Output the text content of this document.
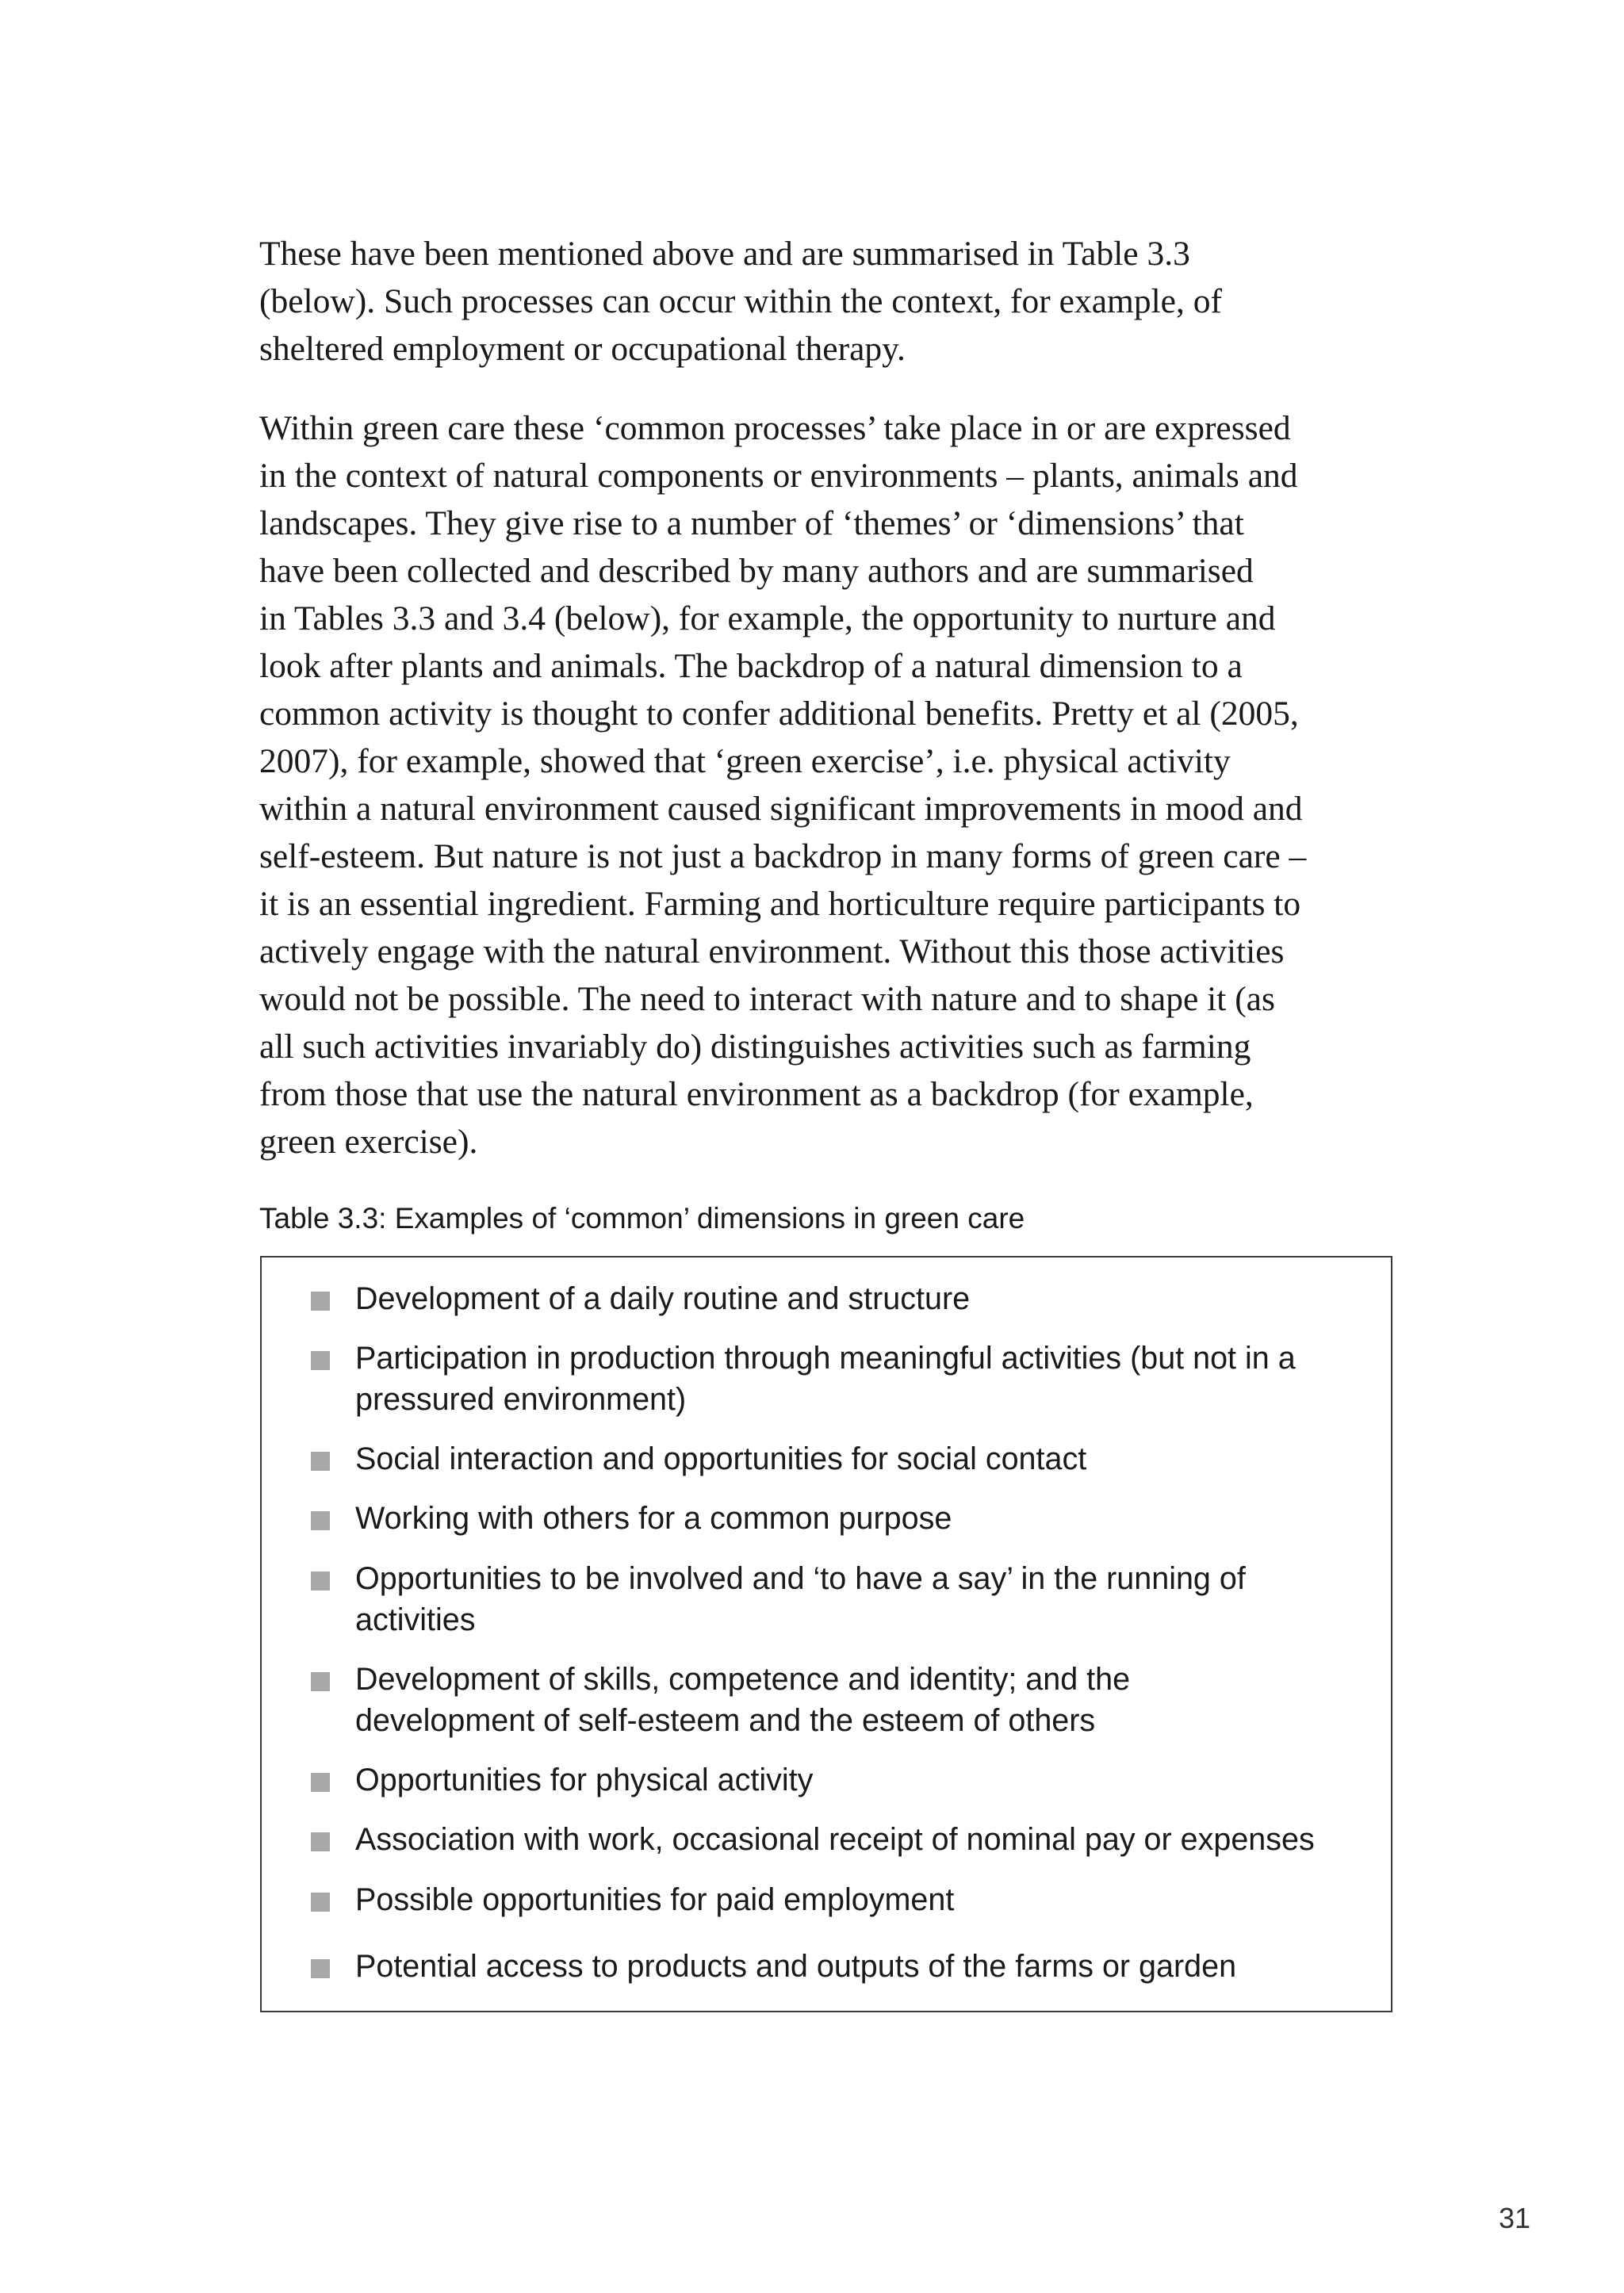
These have been mentioned above and are summarised in Table 3.3
(below). Such processes can occur within the context, for example, of
sheltered employment or occupational therapy.

Within green care these ‘common processes’ take place in or are expressed
in the context of natural components or environments – plants, animals and
landscapes. They give rise to a number of ‘themes’ or ‘dimensions’ that
have been collected and described by many authors and are summarised
in Tables 3.3 and 3.4 (below), for example, the opportunity to nurture and
look after plants and animals. The backdrop of a natural dimension to a
common activity is thought to confer additional benefits. Pretty et al (2005,
2007), for example, showed that ‘green exercise’, i.e. physical activity
within a natural environment caused significant improvements in mood and
self-esteem. But nature is not just a backdrop in many forms of green care –
it is an essential ingredient. Farming and horticulture require participants to
actively engage with the natural environment. Without this those activities
would not be possible. The need to interact with nature and to shape it (as
all such activities invariably do) distinguishes activities such as farming
from those that use the natural environment as a backdrop (for example,
green exercise).

Table 3.3: Examples of ‘common’ dimensions in green care
Development of a daily routine and structure
Participation in production through meaningful activities (but not in a
pressured environment)
Social interaction and opportunities for social contact
Working with others for a common purpose
Opportunities to be involved and ‘to have a say’ in the running of
activities
Development of skills, competence and identity; and the
development of self-esteem and the esteem of others
Opportunities for physical activity
Association with work, occasional receipt of nominal pay or expenses
Possible opportunities for paid employment
Potential access to products and outputs of the farms or garden
31
